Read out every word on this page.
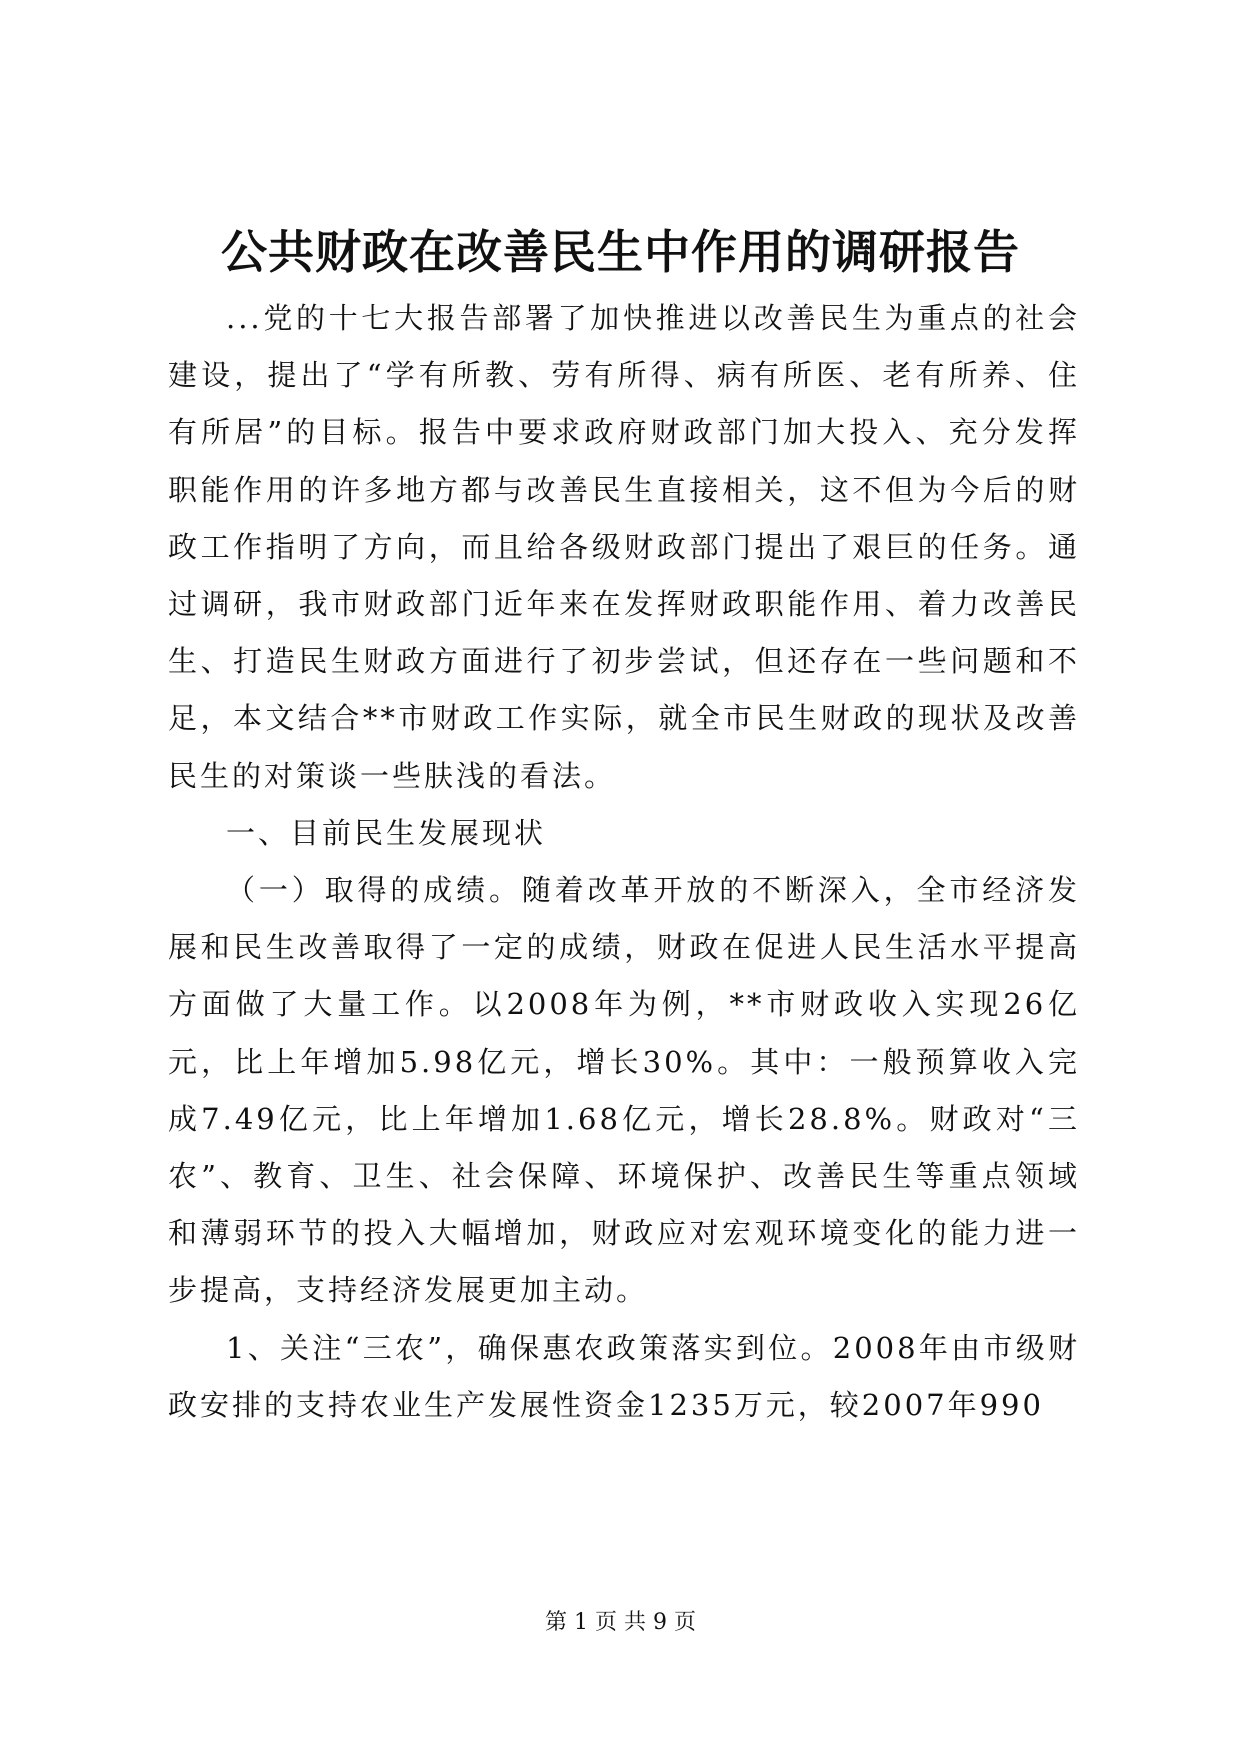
公共财政在改善民生中作用的调研报告

...党的十七大报告部署了加快推进以改善民生为重点的社会建设，提出了“学有所教、劳有所得、病有所医、老有所养、住有所居”的目标。报告中要求政府财政部门加大投入、充分发挥职能作用的许多地方都与改善民生直接相关，这不但为今后的财政工作指明了方向，而且给各级财政部门提出了艰巨的任务。通过调研，我市财政部门近年来在发挥财政职能作用、着力改善民生、打造民生财政方面进行了初步尝试，但还存在一些问题和不足，本文结合**市财政工作实际，就全市民生财政的现状及改善民生的对策谈一些肤浅的看法。

一、目前民生发展现状

（一）取得的成绩。随着改革开放的不断深入，全市经济发展和民生改善取得了一定的成绩，财政在促进人民生活水平提高方面做了大量工作。以2008年为例，**市财政收入实现26亿元，比上年增加5.98亿元，增长30%。其中：一般预算收入完成7.49亿元，比上年增加1.68亿元，增长28.8%。财政对“三农”、教育、卫生、社会保障、环境保护、改善民生等重点领域和薄弱环节的投入大幅增加，财政应对宏观环境变化的能力进一步提高，支持经济发展更加主动。

1、关注“三农”，确保惠农政策落实到位。2008年由市级财政安排的支持农业生产发展性资金1235万元，较2007年990

第 1 页 共 9 页
